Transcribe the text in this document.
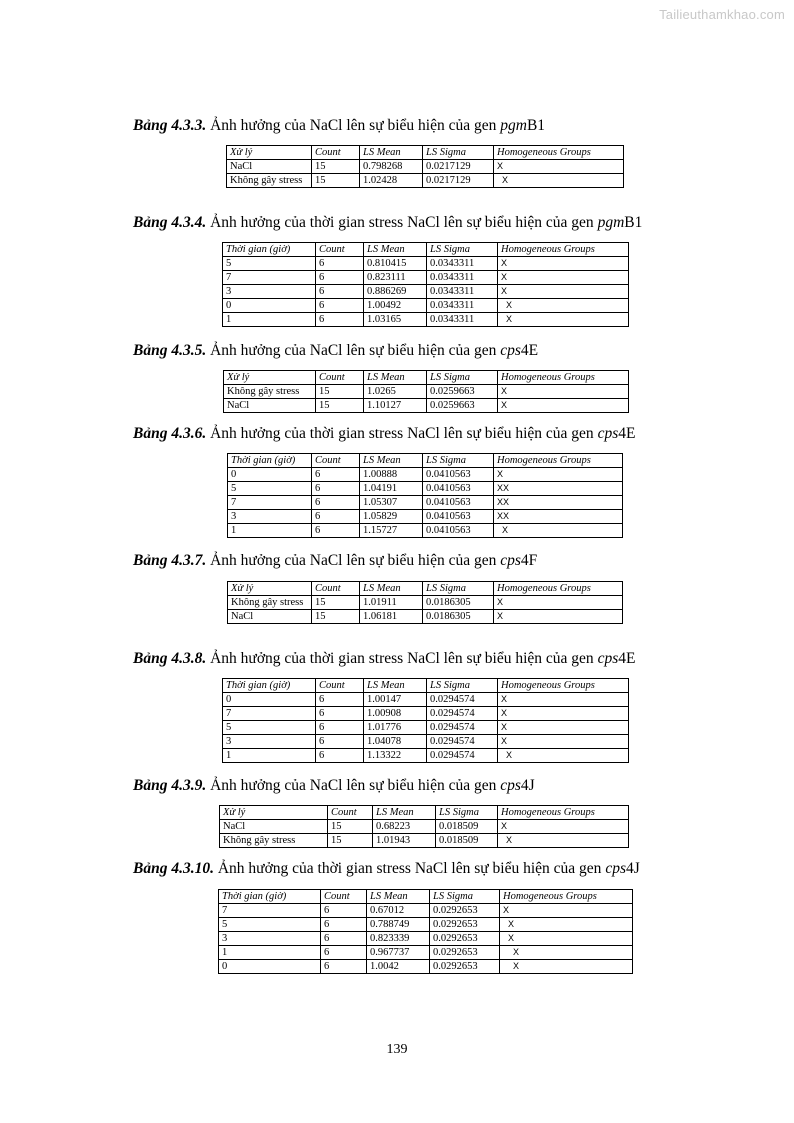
Tailieuthamkhao.com
Bảng 4.3.3. Ảnh hưởng của NaCl lên sự biểu hiện của gen pgmB1
Xử lý	Count	LS Mean	LS Sigma	Homogeneous Groups
NaCl	15	0.798268	0.0217129	X
Không gây stress	15	1.02428	0.0217129	X
Bảng 4.3.4. Ảnh hưởng của thời gian stress NaCl lên sự biểu hiện của gen pgmB1
Thời gian (giờ)	Count	LS Mean	LS Sigma	Homogeneous Groups
5	6	0.810415	0.0343311	X
7	6	0.823111	0.0343311	X
3	6	0.886269	0.0343311	X
0	6	1.00492	0.0343311	X
1	6	1.03165	0.0343311	X
Bảng 4.3.5. Ảnh hưởng của NaCl lên sự biểu hiện của gen cps4E
Xử lý	Count	LS Mean	LS Sigma	Homogeneous Groups
Không gây stress	15	1.0265	0.0259663	X
NaCl	15	1.10127	0.0259663	X
Bảng 4.3.6. Ảnh hưởng của thời gian stress NaCl lên sự biểu hiện của gen cps4E
Thời gian (giờ)	Count	LS Mean	LS Sigma	Homogeneous Groups
0	6	1.00888	0.0410563	X
5	6	1.04191	0.0410563	XX
7	6	1.05307	0.0410563	XX
3	6	1.05829	0.0410563	XX
1	6	1.15727	0.0410563	X
Bảng 4.3.7. Ảnh hưởng của NaCl lên sự biểu hiện của gen cps4F
Xử lý	Count	LS Mean	LS Sigma	Homogeneous Groups
Không gây stress	15	1.01911	0.0186305	X
NaCl	15	1.06181	0.0186305	X
Bảng 4.3.8. Ảnh hưởng của thời gian stress NaCl lên sự biểu hiện của gen cps4E
Thời gian (giờ)	Count	LS Mean	LS Sigma	Homogeneous Groups
0	6	1.00147	0.0294574	X
7	6	1.00908	0.0294574	X
5	6	1.01776	0.0294574	X
3	6	1.04078	0.0294574	X
1	6	1.13322	0.0294574	X
Bảng 4.3.9. Ảnh hưởng của NaCl lên sự biểu hiện của gen cps4J
Xử lý	Count	LS Mean	LS Sigma	Homogeneous Groups
NaCl	15	0.68223	0.018509	X
Không gây stress	15	1.01943	0.018509	X
Bảng 4.3.10. Ảnh hưởng của thời gian stress NaCl lên sự biểu hiện của gen cps4J
Thời gian (giờ)	Count	LS Mean	LS Sigma	Homogeneous Groups
7	6	0.67012	0.0292653	X
5	6	0.788749	0.0292653	X
3	6	0.823339	0.0292653	X
1	6	0.967737	0.0292653	X
0	6	1.0042	0.0292653	X
139
